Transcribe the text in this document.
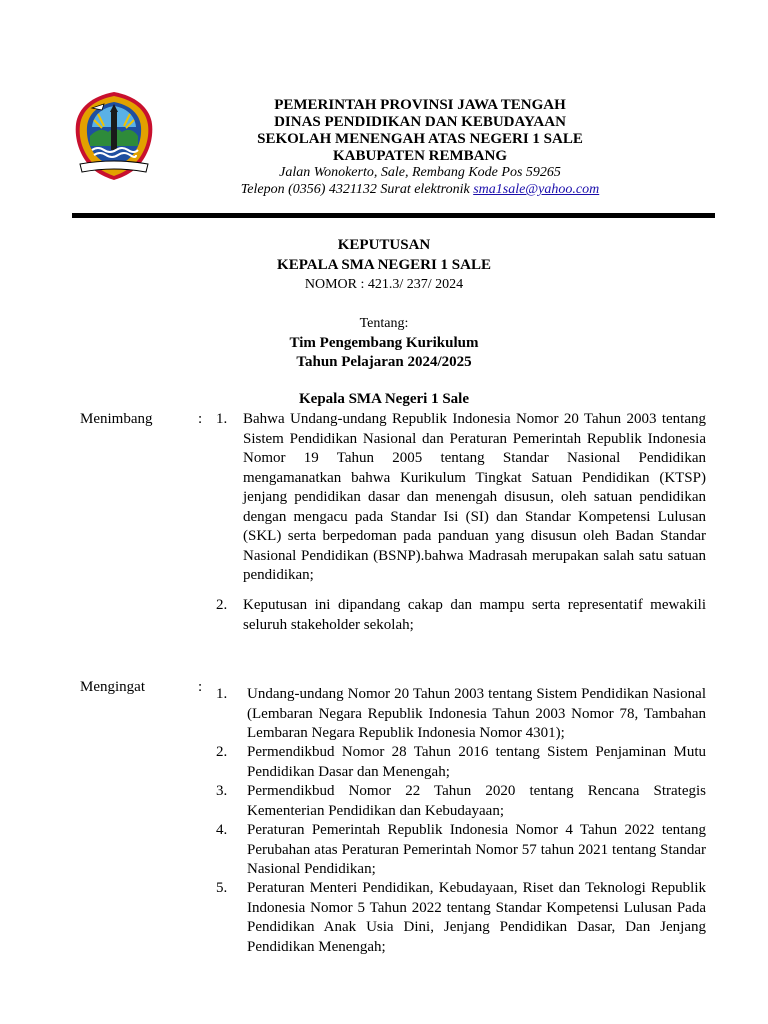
PEMERINTAH PROVINSI JAWA TENGAH
DINAS PENDIDIKAN DAN KEBUDAYAAN
SEKOLAH MENENGAH ATAS NEGERI 1 SALE
KABUPATEN REMBANG
Jalan Wonokerto, Sale, Rembang Kode Pos 59265
Telepon (0356) 4321132 Surat elektronik sma1sale@yahoo.com
KEPUTUSAN
KEPALA SMA NEGERI 1 SALE
NOMOR : 421.3/ 237/ 2024
Tentang:
Tim Pengembang Kurikulum
Tahun Pelajaran 2024/2025
Kepala SMA Negeri 1 Sale
Menimbang	: 1. Bahwa Undang-undang Republik Indonesia Nomor 20 Tahun 2003 tentang Sistem Pendidikan Nasional dan Peraturan Pemerintah Republik Indonesia Nomor 19 Tahun 2005 tentang Standar Nasional Pendidikan mengamanatkan bahwa Kurikulum Tingkat Satuan Pendidikan (KTSP) jenjang pendidikan dasar dan menengah disusun, oleh satuan pendidikan dengan mengacu pada Standar Isi (SI) dan Standar Kompetensi Lulusan (SKL) serta berpedoman pada panduan yang disusun oleh Badan Standar Nasional Pendidikan (BSNP).bahwa Madrasah merupakan salah satu satuan pendidikan;
2. Keputusan ini dipandang cakap dan mampu serta representatif mewakili seluruh stakeholder sekolah;
Mengingat	: 1. Undang-undang Nomor 20 Tahun 2003 tentang Sistem Pendidikan Nasional (Lembaran Negara Republik Indonesia Tahun 2003 Nomor 78, Tambahan Lembaran Negara Republik Indonesia Nomor 4301);
2. Permendikbud Nomor 28 Tahun 2016 tentang Sistem Penjaminan Mutu Pendidikan Dasar dan Menengah;
3. Permendikbud Nomor 22 Tahun 2020 tentang Rencana Strategis Kementerian Pendidikan dan Kebudayaan;
4. Peraturan Pemerintah Republik Indonesia Nomor 4 Tahun 2022 tentang Perubahan atas Peraturan Pemerintah Nomor 57 tahun 2021 tentang Standar Nasional Pendidikan;
5. Peraturan Menteri Pendidikan, Kebudayaan, Riset dan Teknologi Republik Indonesia Nomor 5 Tahun 2022 tentang Standar Kompetensi Lulusan Pada Pendidikan Anak Usia Dini, Jenjang Pendidikan Dasar, Dan Jenjang Pendidikan Menengah;
